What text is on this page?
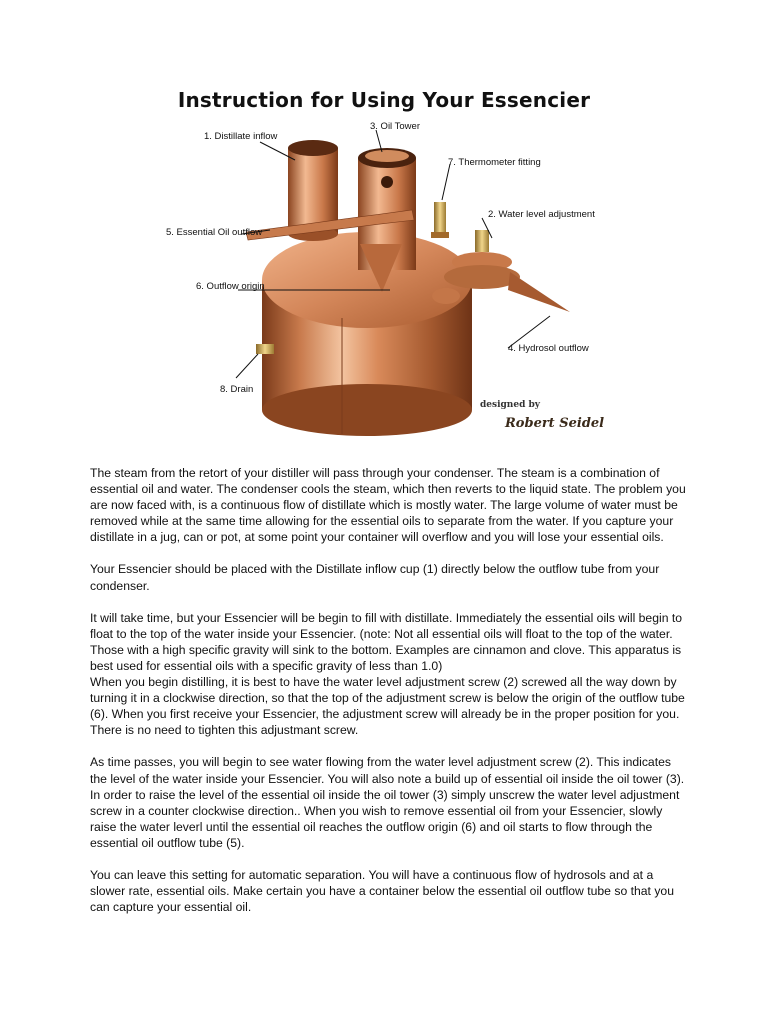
Instruction for Using Your Essencier
1. Distillate inflow
3. Oil Tower
7. Thermometer fitting
2. Water level adjustment
5. Essential Oil outflow
6. Outflow origin
4. Hydrosol outflow
8. Drain
designed by
Robert Seidel

The steam from the retort of your distiller will pass through your condenser. The steam is a combination of essential oil and water. The condenser cools the steam, which then reverts to the liquid state. The problem you are now faced with, is a continuous flow of distillate which is mostly water. The large volume of water must be removed while at the same time allowing for the essential oils to separate from the water. If you capture your distillate in a jug, can or pot, at some point your container will overflow and you will lose your essential oils.

Your Essencier should be placed with the Distillate inflow cup (1) directly below the outflow tube from your condenser.

It will take time, but your Essencier will be begin to fill with distillate. Immediately the essential oils will begin to float to the top of the water inside your Essencier. (note: Not all essential oils will float to the top of the water. Those with a high specific gravity will sink to the bottom. Examples are cinnamon and clove. This apparatus is best used for essential oils with a specific gravity of less than 1.0)

When you begin distilling, it is best to have the water level adjustment screw (2) screwed all the way down by turning it in a clockwise direction, so that the top of the adjustment screw is below the origin of the outflow tube (6). When you first receive your Essencier, the adjustment screw will already be in the proper position for you. There is no need to tighten this adjustmant screw.

As time passes, you will begin to see water flowing from the water level adjustment screw (2). This indicates the level of the water inside your Essencier. You will also note a build up of essential oil inside the oil tower (3). In order to raise the level of the essential oil inside the oil tower (3) simply unscrew the water level adjustment screw in a counter clockwise direction.. When you wish to remove essential oil from your Essencier, slowly raise the water leverl until the essential oil reaches the outflow origin (6) and oil starts to flow through the essential oil outflow tube (5).

You can leave this setting for automatic separation. You will have a continuous flow of hydrosols and at a slower rate, essential oils. Make certain you have a container below the essential oil outflow tube so that you can capture your essential oil.
